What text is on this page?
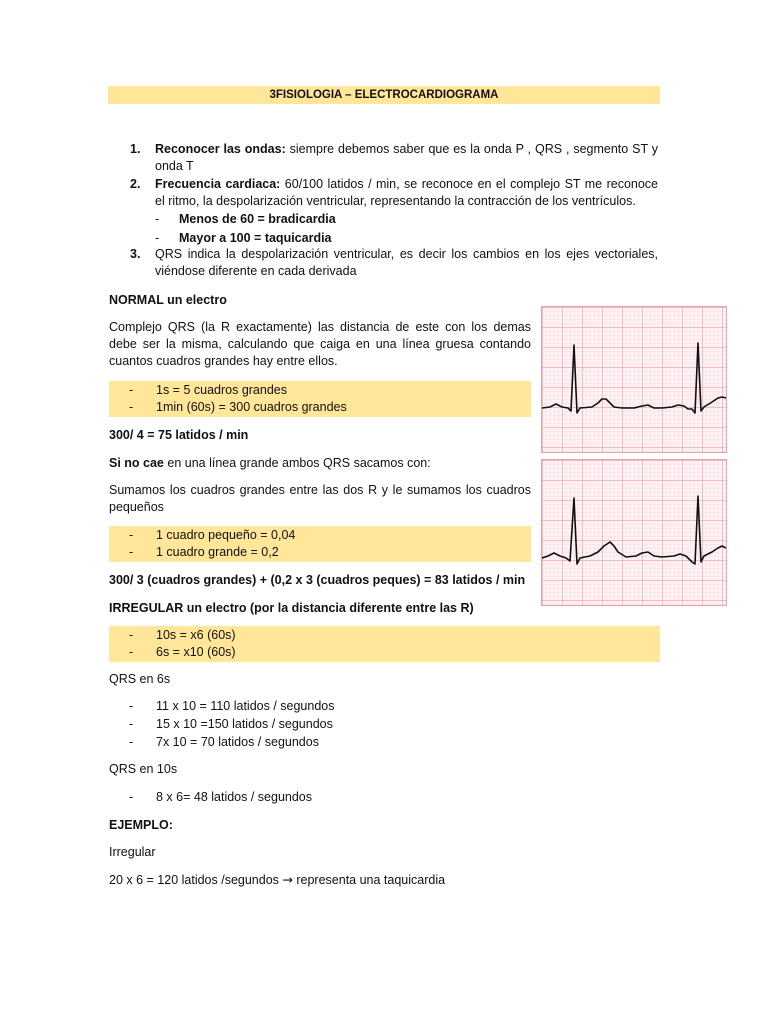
3FISIOLOGIA – ELECTROCARDIOGRAMA
1. Reconocer las ondas: siempre debemos saber que es la onda P , QRS , segmento ST y onda T
2. Frecuencia cardiaca: 60/100 latidos / min, se reconoce en el complejo ST me reconoce el ritmo, la despolarización ventricular, representando la contracción de los ventrículos.
- Menos de 60 = bradicardia
- Mayor a 100 = taquicardia
3. QRS indica la despolarización ventricular, es decir los cambios en los ejes vectoriales, viéndose diferente en cada derivada
NORMAL un electro
Complejo QRS (la R exactamente) las distancia de este con los demas debe ser la misma, calculando que caiga en una línea gruesa contando cuantos cuadros grandes hay entre ellos.
- 1s = 5 cuadros grandes
- 1min (60s) = 300 cuadros grandes
300/ 4 = 75 latidos / min
Si no cae en una línea grande ambos QRS sacamos con:
Sumamos los cuadros grandes entre las dos R y le sumamos los cuadros pequeños
- 1 cuadro pequeño = 0,04
- 1 cuadro grande = 0,2
300/ 3 (cuadros grandes) + (0,2 x 3 (cuadros peques) = 83 latidos / min
IRREGULAR un electro (por la distancia diferente entre las R)
- 10s = x6 (60s)
- 6s = x10 (60s)
QRS en 6s
- 11 x 10 = 110 latidos / segundos
- 15 x 10 =150 latidos / segundos
- 7x 10 = 70 latidos / segundos
QRS en 10s
- 8 x 6= 48 latidos / segundos
EJEMPLO:
Irregular
20 x 6 = 120 latidos /segundos → representa una taquicardia
